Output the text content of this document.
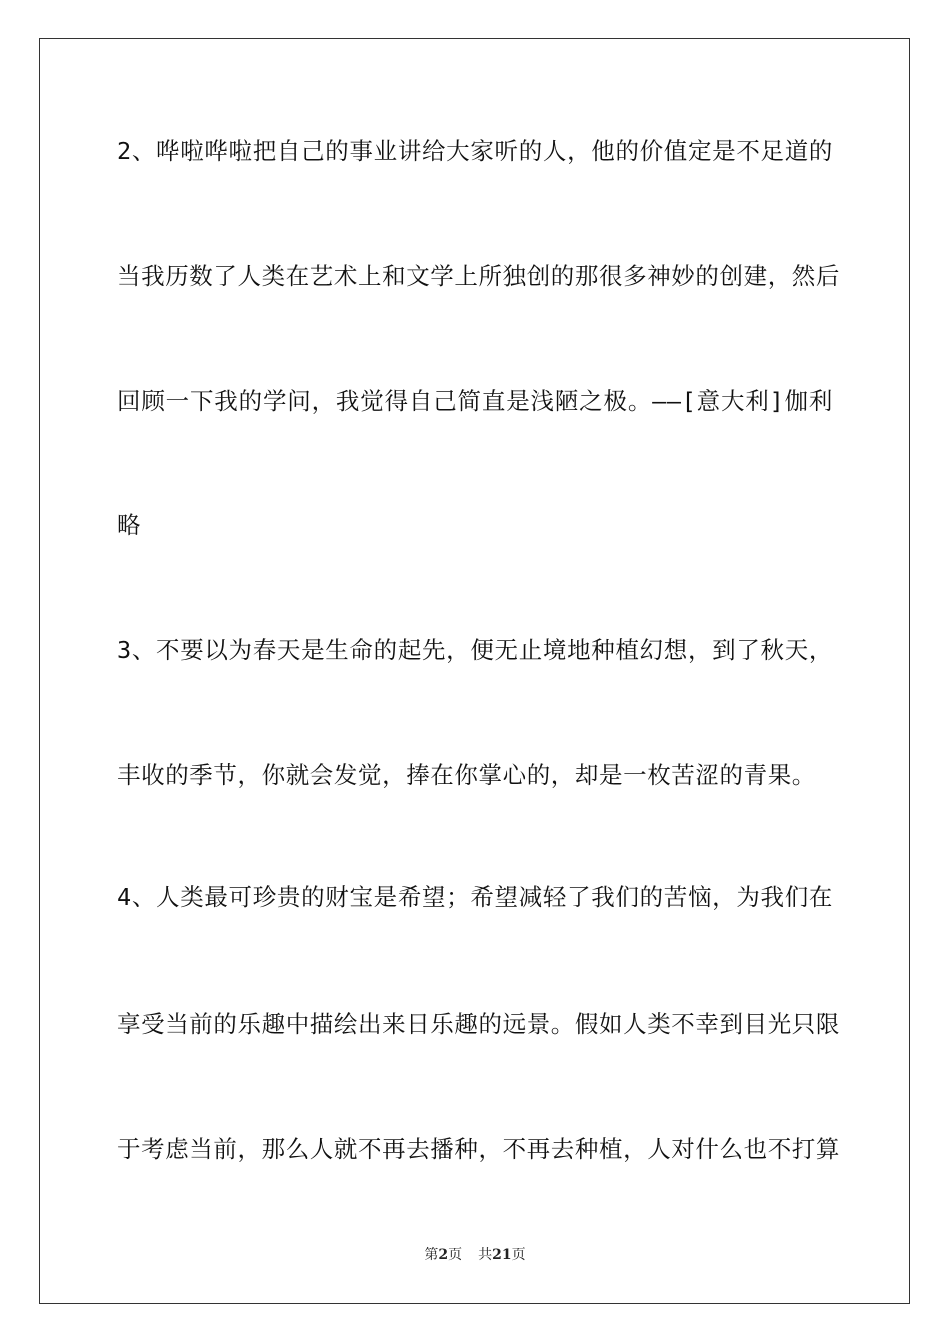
2、哗啦哗啦把自己的事业讲给大家听的人，他的价值定是不足道的
当我历数了人类在艺术上和文学上所独创的那很多神妙的创建，然后
回顾一下我的学问，我觉得自己简直是浅陋之极。——[意大利]伽利
略
3、不要以为春天是生命的起先，便无止境地种植幻想，到了秋天，
丰收的季节，你就会发觉，捧在你掌心的，却是一枚苦涩的青果。
4、人类最可珍贵的财宝是希望；希望减轻了我们的苦恼，为我们在
享受当前的乐趣中描绘出来日乐趣的远景。假如人类不幸到目光只限
于考虑当前，那么人就不再去播种，不再去种植，人对什么也不打算
第2页 共21页
